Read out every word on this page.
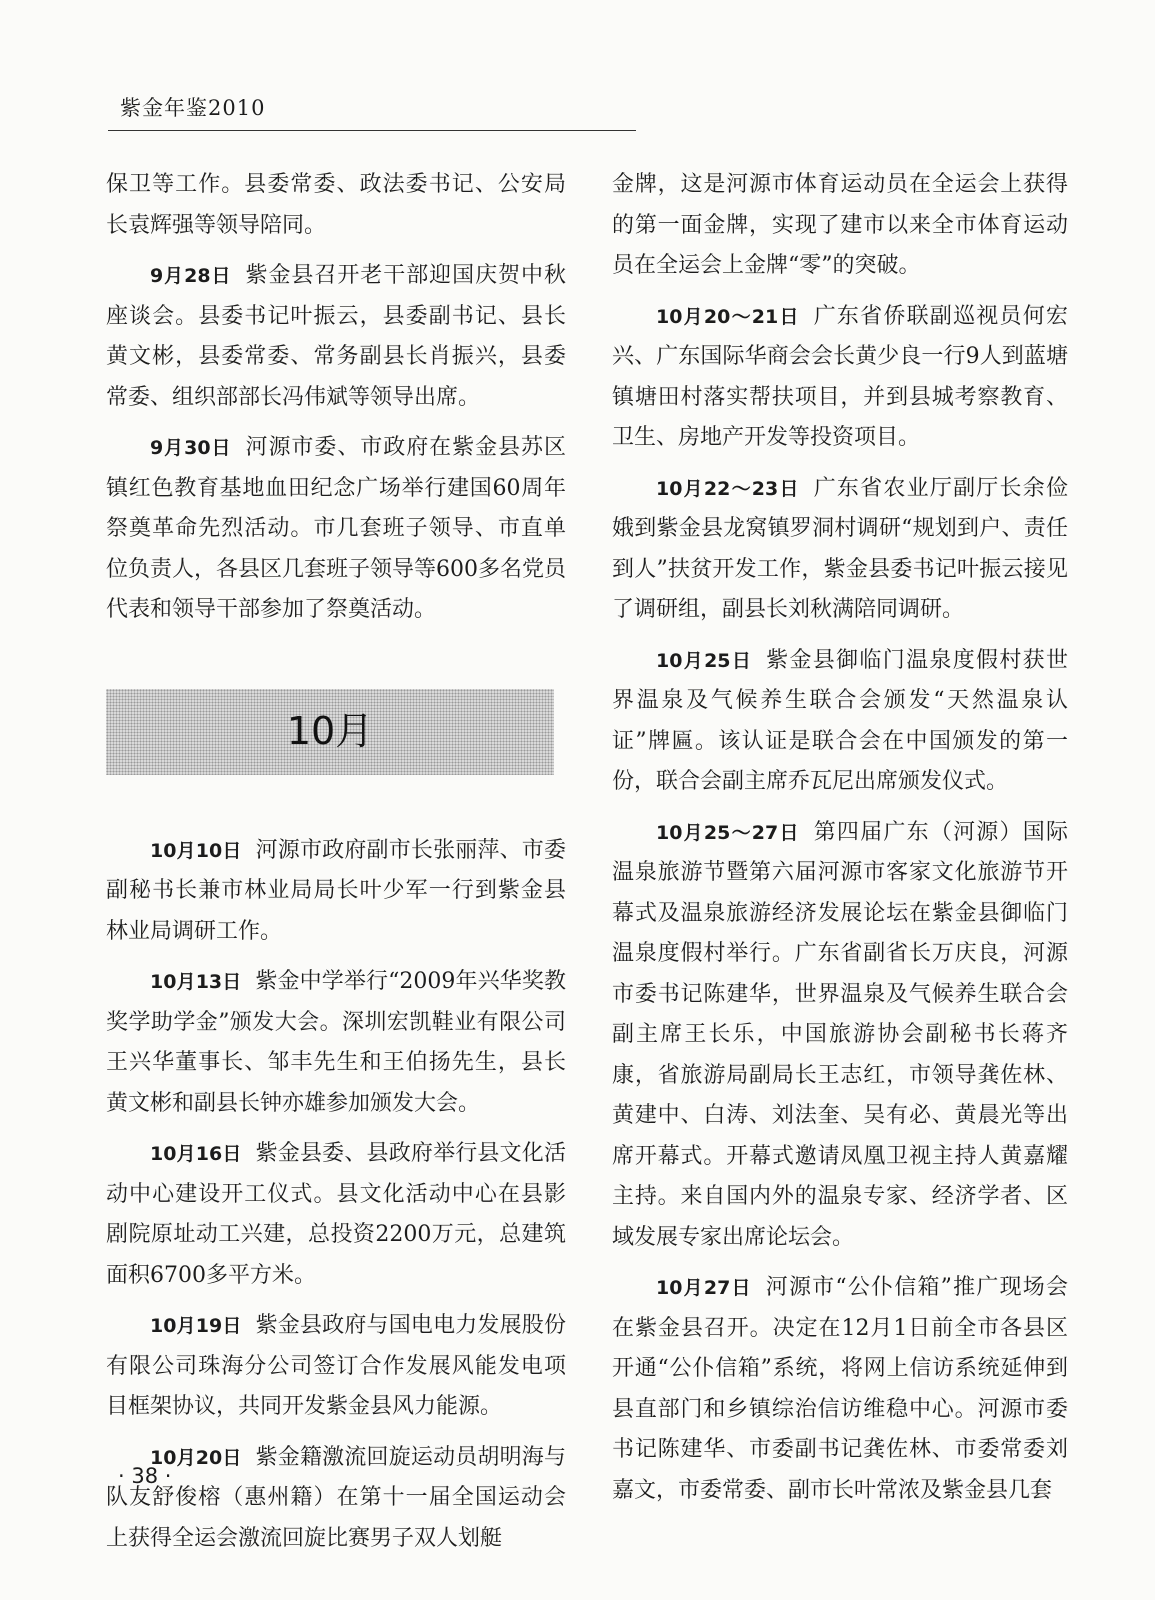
紫金年鉴2010

保卫等工作。县委常委、政法委书记、公安局长袁辉强等领导陪同。

9月28日 紫金县召开老干部迎国庆贺中秋座谈会。县委书记叶振云，县委副书记、县长黄文彬，县委常委、常务副县长肖振兴，县委常委、组织部部长冯伟斌等领导出席。

9月30日 河源市委、市政府在紫金县苏区镇红色教育基地血田纪念广场举行建国60周年祭奠革命先烈活动。市几套班子领导、市直单位负责人，各县区几套班子领导等600多名党员代表和领导干部参加了祭奠活动。

10月

10月10日 河源市政府副市长张丽萍、市委副秘书长兼市林业局局长叶少军一行到紫金县林业局调研工作。

10月13日 紫金中学举行“2009年兴华奖教奖学助学金”颁发大会。深圳宏凯鞋业有限公司王兴华董事长、邹丰先生和王伯扬先生，县长黄文彬和副县长钟亦雄参加颁发大会。

10月16日 紫金县委、县政府举行县文化活动中心建设开工仪式。县文化活动中心在县影剧院原址动工兴建，总投资2200万元，总建筑面积6700多平方米。

10月19日 紫金县政府与国电电力发展股份有限公司珠海分公司签订合作发展风能发电项目框架协议，共同开发紫金县风力能源。

10月20日 紫金籍激流回旋运动员胡明海与队友舒俊榕（惠州籍）在第十一届全国运动会上获得全运会激流回旋比赛男子双人划艇

金牌，这是河源市体育运动员在全运会上获得的第一面金牌，实现了建市以来全市体育运动员在全运会上金牌“零”的突破。

10月20～21日 广东省侨联副巡视员何宏兴、广东国际华商会会长黄少良一行9人到蓝塘镇塘田村落实帮扶项目，并到县城考察教育、卫生、房地产开发等投资项目。

10月22～23日 广东省农业厅副厅长余俭娥到紫金县龙窝镇罗洞村调研“规划到户、责任到人”扶贫开发工作，紫金县委书记叶振云接见了调研组，副县长刘秋满陪同调研。

10月25日 紫金县御临门温泉度假村获世界温泉及气候养生联合会颁发“天然温泉认证”牌匾。该认证是联合会在中国颁发的第一份，联合会副主席乔瓦尼出席颁发仪式。

10月25～27日 第四届广东（河源）国际温泉旅游节暨第六届河源市客家文化旅游节开幕式及温泉旅游经济发展论坛在紫金县御临门温泉度假村举行。广东省副省长万庆良，河源市委书记陈建华，世界温泉及气候养生联合会副主席王长乐，中国旅游协会副秘书长蒋齐康，省旅游局副局长王志红，市领导龚佐林、黄建中、白涛、刘法奎、吴有必、黄晨光等出席开幕式。开幕式邀请凤凰卫视主持人黄嘉耀主持。来自国内外的温泉专家、经济学者、区域发展专家出席论坛会。

10月27日 河源市“公仆信箱”推广现场会在紫金县召开。决定在12月1日前全市各县区开通“公仆信箱”系统，将网上信访系统延伸到县直部门和乡镇综治信访维稳中心。河源市委书记陈建华、市委副书记龚佐林、市委常委刘嘉文，市委常委、副市长叶常浓及紫金县几套

· 38 ·
